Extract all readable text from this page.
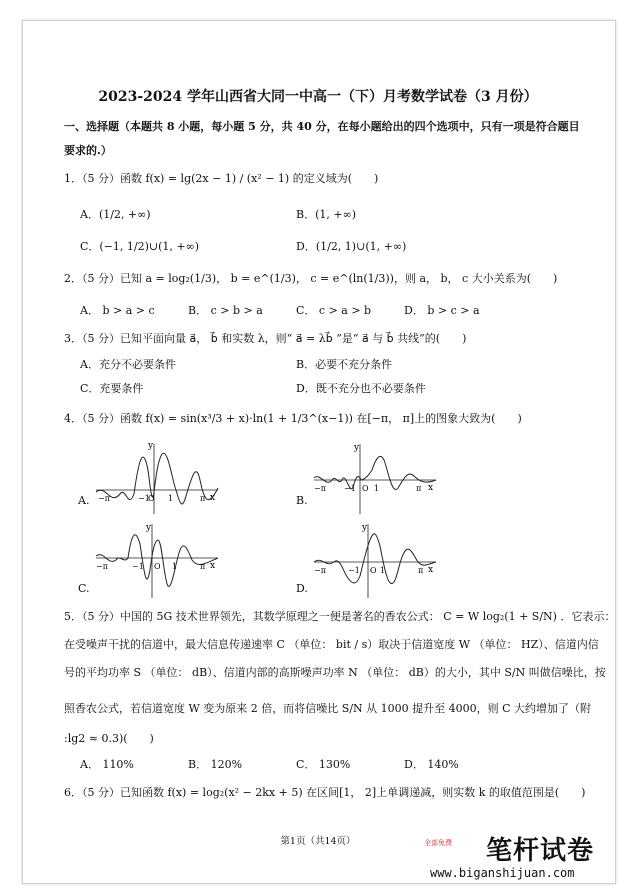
2023-2024 学年山西省大同一中高一（下）月考数学试卷（3 月份）
一、选择题（本题共 8 小题，每小题 5 分，共 40 分，在每小题给出的四个选项中，只有一项是符合题目
要求的.）
1．（5 分）函数 f(x) = lg(2x − 1) / (x² − 1) 的定义域为(　　)
A．(1/2, +∞)	B．(1, +∞)
C．(−1, 1/2)∪(1, +∞)	D．(1/2, 1)∪(1, +∞)
2．（5 分）已知 a = log₂(1/3)， b = e^(1/3)， c = e^(ln(1/3))，则 a， b， c 大小关系为(　　)
A． b > a > c	B． c > b > a	C． c > a > b	D． b > c > a
3．（5 分）已知平面向量 a⃗， b⃗ 和实数 λ，则“ a⃗ = λb⃗ ”是“ a⃗ 与 b⃗ 共线”的(　　)
A．充分不必要条件	B．必要不充分条件
C．充要条件	D．既不充分也不必要条件
4．（5 分）函数 f(x) = sin(x³/3 + x)·ln(1 + 1/3^(x−1)) 在[−π， π]上的图象大致为(　　)
A.
y
x
−π	−1
O 1	π	B.
y
x
−π −1 O 1	π
C.
y
x
−π	−1 O 1	π
D.
y
x
−π	−1 O 1	π
5．（5 分）中国的 5G 技术世界领先，其数学原理之一便是著名的香农公式： C = W log₂(1 + S/N) ．它表示：
在受噪声干扰的信道中，最大信息传递速率 C （单位： bit / s）取决于信道宽度 W （单位： HZ）、信道内信
号的平均功率 S （单位： dB）、信道内部的高斯噪声功率 N （单位： dB）的大小，其中 S/N 叫做信噪比，按
照香农公式，若信道宽度 W 变为原来 2 倍，而将信噪比 S/N 从 1000 提升至 4000，则 C 大约增加了（附
:lg2 ≈ 0.3)(　　)
A． 110%	B． 120%	C． 130%	D． 140%
6．（5 分）已知函数 f(x) = log₂(x² − 2kx + 5) 在区间[1， 2]上单调递减，则实数 k 的取值范围是(　　)
第1页（共14页）	全部免费 笔杆试卷
www.biganshijuan.com
